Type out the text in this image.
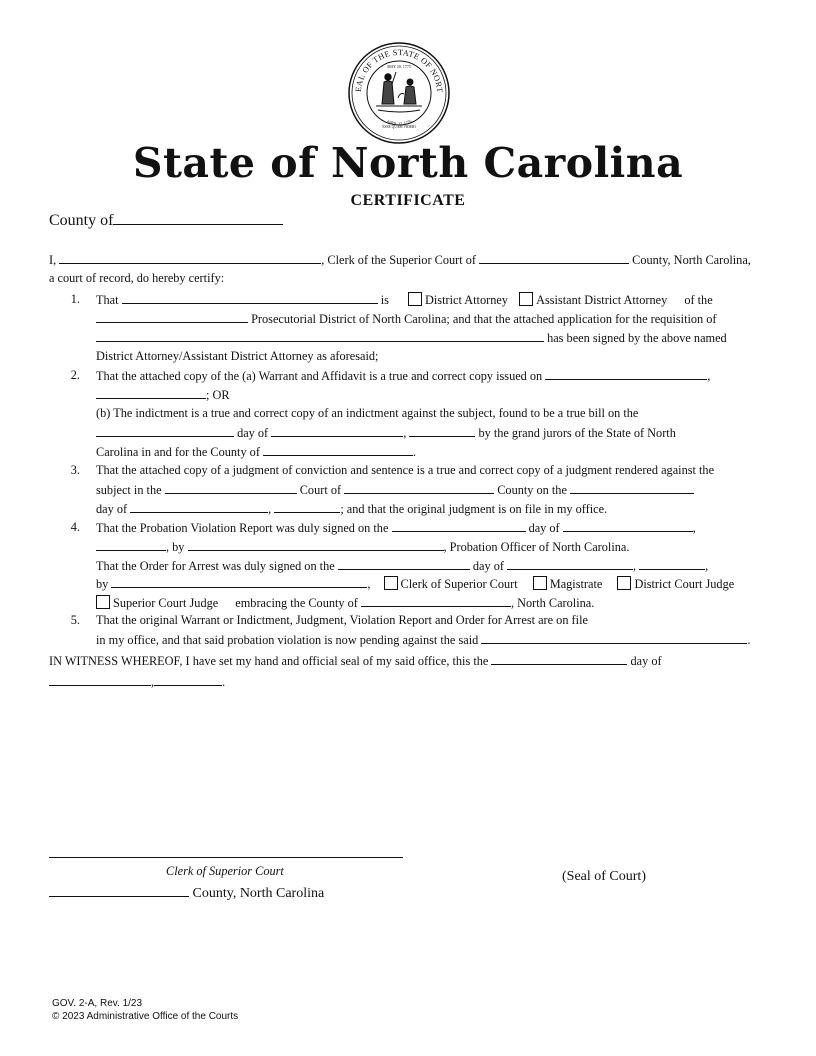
EAL OF THE STATE OF NORT
APRIL 12, 1776
MAY 20, 1775
ESSE QUAM VIDERI
State of North Carolina
CERTIFICATE
County of
I,	, Clerk of the Superior Court of	County, North Carolina,
a court of record, do hereby certify:
1. That	is	District Attorney Assistant District Attorney of the
Prosecutorial District of North Carolina; and that the attached application for the requisition of
has been signed by the above named
District Attorney/Assistant District Attorney as aforesaid;
2. That the attached copy of the (a) Warrant and Affidavit is a true and correct copy issued on	,
; OR
(b) The indictment is a true and correct copy of an indictment against the subject, found to be a true bill on the
day of	,	by the grand jurors of the State of North
Carolina in and for the County of	.
3. That the attached copy of a judgment of conviction and sentence is a true and correct copy of a judgment rendered against the
subject in the	Court of	County on the
day of	,	; and that the original judgment is on file in my office.
4. That the Probation Violation Report was duly signed on the	day of	,
, by	, Probation Officer of North Carolina.
That the Order for Arrest was duly signed on the	day of	,	,
by	, Clerk of Superior Court	Magistrate	District Court Judge
Superior Court Judge embracing the County of	, North Carolina.
5. That the original Warrant or Indictment, Judgment, Violation Report and Order for Arrest are on file
in my office, and that said probation violation is now pending against the said	.
IN WITNESS WHEREOF, I have set my hand and official seal of my said office, this the	day of
,	.
Clerk of Superior Court
County, North Carolina
(Seal of Court)
GOV. 2-A, Rev. 1/23
© 2023 Administrative Office of the Courts
